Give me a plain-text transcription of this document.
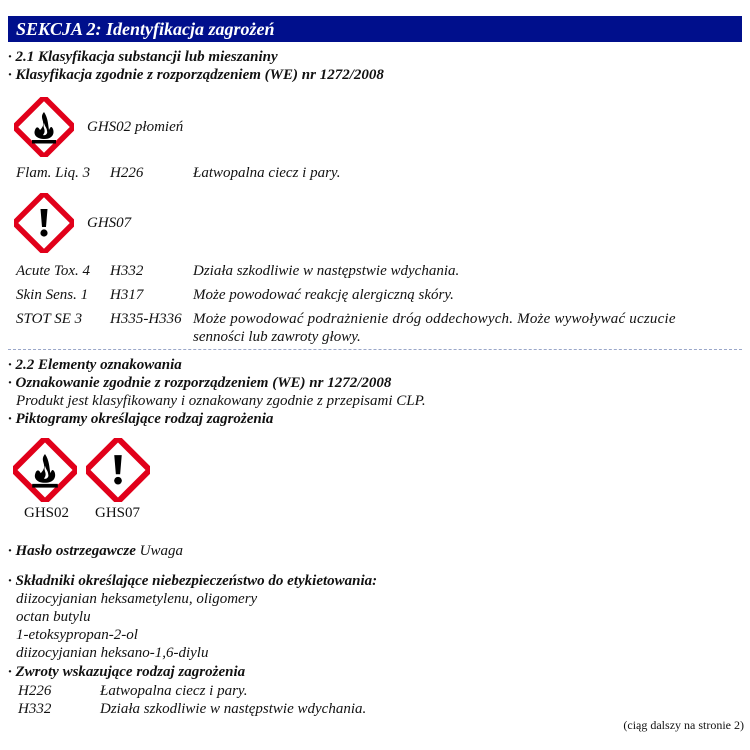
SEKCJA 2: Identyfikacja zagrożeń
· 2.1 Klasyfikacja substancji lub mieszaniny
· Klasyfikacja zgodnie z rozporządzeniem (WE) nr 1272/2008
GHS02 płomień
Flam. Liq. 3 H226	Łatwopalna ciecz i pary.
GHS07
Acute Tox. 4 H332	Działa szkodliwie w następstwie wdychania.
Skin Sens. 1 H317	Może powodować reakcję alergiczną skóry.
STOT SE 3 H335-H336 Może powodować podrażnienie dróg oddechowych. Może wywoływać uczucie
senności lub zawroty głowy.
· 2.2 Elementy oznakowania
· Oznakowanie zgodnie z rozporządzeniem (WE) nr 1272/2008
Produkt jest klasyfikowany i oznakowany zgodnie z przepisami CLP.
· Piktogramy określające rodzaj zagrożenia
GHS02 GHS07
· Hasło ostrzegawcze Uwaga
· Składniki określające niebezpieczeństwo do etykietowania:
diizocyjanian heksametylenu, oligomery
octan butylu
1-etoksypropan-2-ol
diizocyjanian heksano-1,6-diylu
· Zwroty wskazujące rodzaj zagrożenia
H226	Łatwopalna ciecz i pary.
H332	Działa szkodliwie w następstwie wdychania.
(ciąg dalszy na stronie 2)
